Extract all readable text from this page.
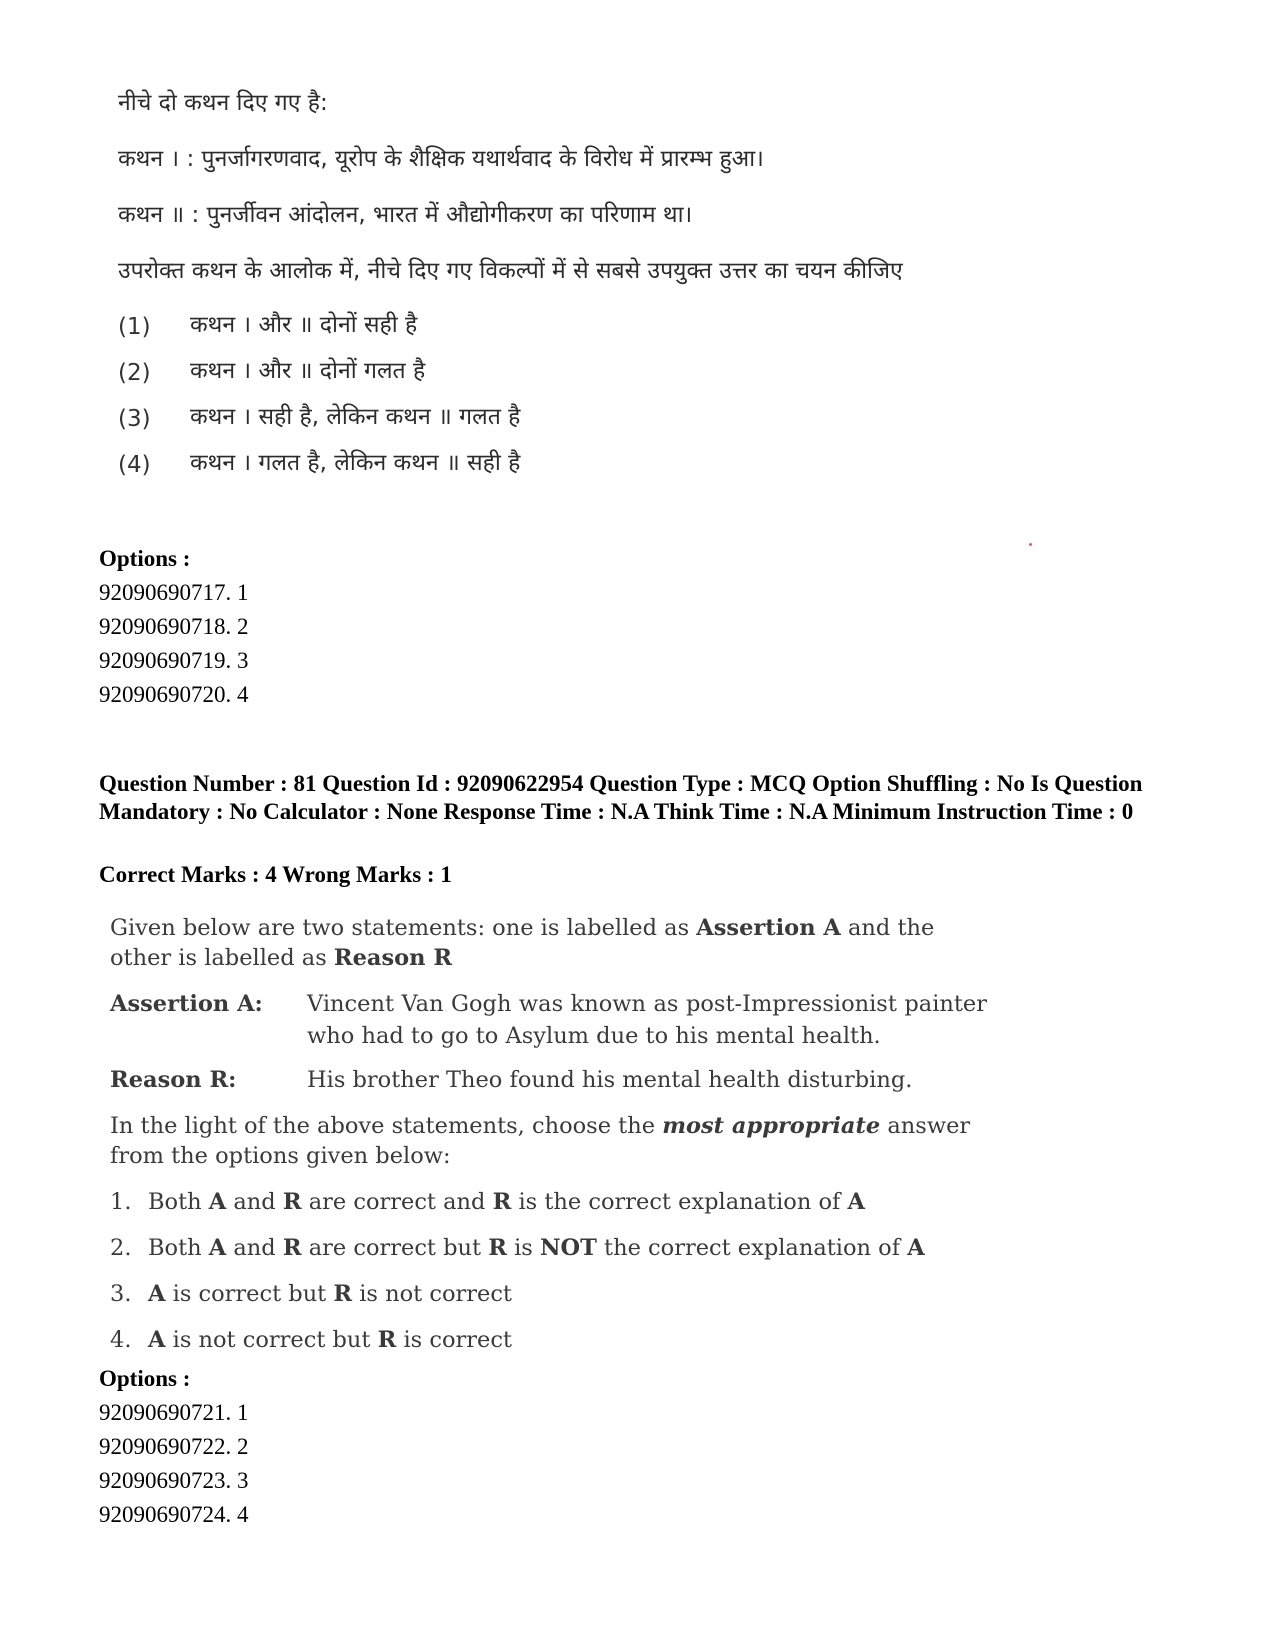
नीचे दो कथन दिए गए है:
कथन । : पुनर्जागरणवाद, यूरोप के शैक्षिक यथार्थवाद के विरोध में प्रारम्भ हुआ।
कथन ॥ : पुनर्जीवन आंदोलन, भारत में औद्योगीकरण का परिणाम था।
उपरोक्त कथन के आलोक में, नीचे दिए गए विकल्पों में से सबसे उपयुक्त उत्तर का चयन कीजिए
(1) कथन । और ॥ दोनों सही है
(2) कथन । और ॥ दोनों गलत है
(3) कथन । सही है, लेकिन कथन ॥ गलत है
(4) कथन । गलत है, लेकिन कथन ॥ सही है
Options :
92090690717. 1
92090690718. 2
92090690719. 3
92090690720. 4
Question Number : 81 Question Id : 92090622954 Question Type : MCQ Option Shuffling : No Is Question Mandatory : No Calculator : None Response Time : N.A Think Time : N.A Minimum Instruction Time : 0
Correct Marks : 4 Wrong Marks : 1
Given below are two statements: one is labelled as Assertion A and the
other is labelled as Reason R
Assertion A: Vincent Van Gogh was known as post-Impressionist painter who had to go to Asylum due to his mental health.
Reason R:	His brother Theo found his mental health disturbing.
In the light of the above statements, choose the most appropriate answer
from the options given below:
1. Both A and R are correct and R is the correct explanation of A
2. Both A and R are correct but R is NOT the correct explanation of A
3. A is correct but R is not correct
4. A is not correct but R is correct
Options :
92090690721. 1
92090690722. 2
92090690723. 3
92090690724. 4
